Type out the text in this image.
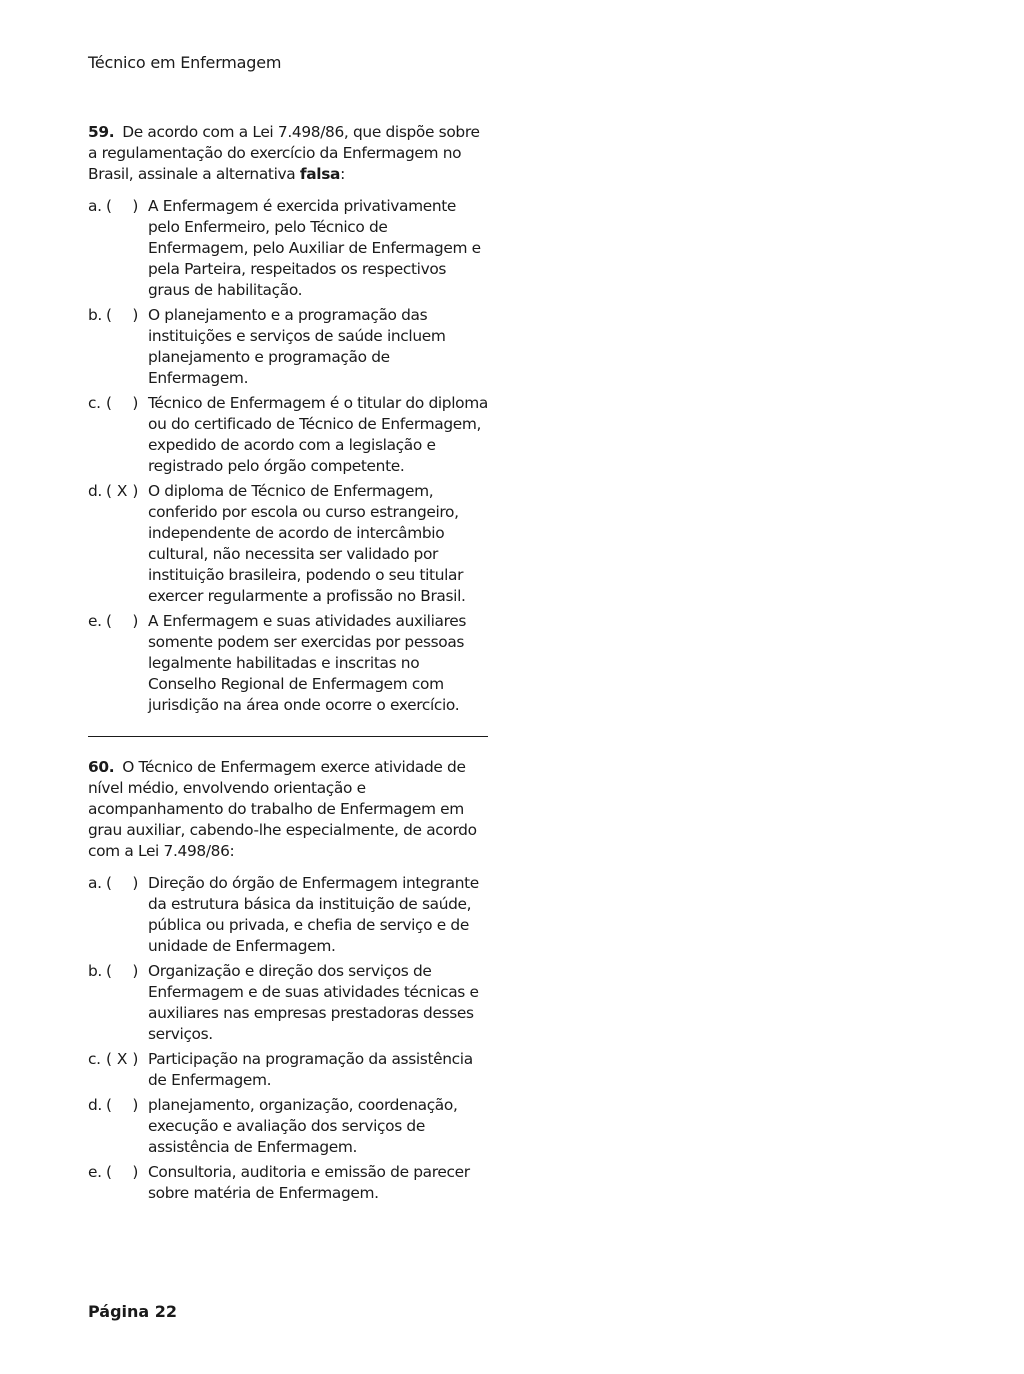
Técnico em Enfermagem

59. De acordo com a Lei 7.498/86, que dispõe sobre a regulamentação do exercício da Enfermagem no Brasil, assinale a alternativa falsa:

a. ( ) A Enfermagem é exercida privativamente pelo Enfermeiro, pelo Técnico de Enfermagem, pelo Auxiliar de Enfermagem e pela Parteira, respeitados os respectivos graus de habilitação.
b. ( ) O planejamento e a programação das instituições e serviços de saúde incluem planejamento e programação de Enfermagem.
c. ( ) Técnico de Enfermagem é o titular do diploma ou do certificado de Técnico de Enfermagem, expedido de acordo com a legislação e registrado pelo órgão competente.
d. ( X ) O diploma de Técnico de Enfermagem, conferido por escola ou curso estrangeiro, independente de acordo de intercâmbio cultural, não necessita ser validado por instituição brasileira, podendo o seu titular exercer regularmente a profissão no Brasil.
e. ( ) A Enfermagem e suas atividades auxiliares somente podem ser exercidas por pessoas legalmente habilitadas e inscritas no Conselho Regional de Enfermagem com jurisdição na área onde ocorre o exercício.

60. O Técnico de Enfermagem exerce atividade de nível médio, envolvendo orientação e acompanhamento do trabalho de Enfermagem em grau auxiliar, cabendo-lhe especialmente, de acordo com a Lei 7.498/86:

a. ( ) Direção do órgão de Enfermagem integrante da estrutura básica da instituição de saúde, pública ou privada, e chefia de serviço e de unidade de Enfermagem.
b. ( ) Organização e direção dos serviços de Enfermagem e de suas atividades técnicas e auxiliares nas empresas prestadoras desses serviços.
c. ( X ) Participação na programação da assistência de Enfermagem.
d. ( ) planejamento, organização, coordenação, execução e avaliação dos serviços de assistência de Enfermagem.
e. ( ) Consultoria, auditoria e emissão de parecer sobre matéria de Enfermagem.
Página 22
